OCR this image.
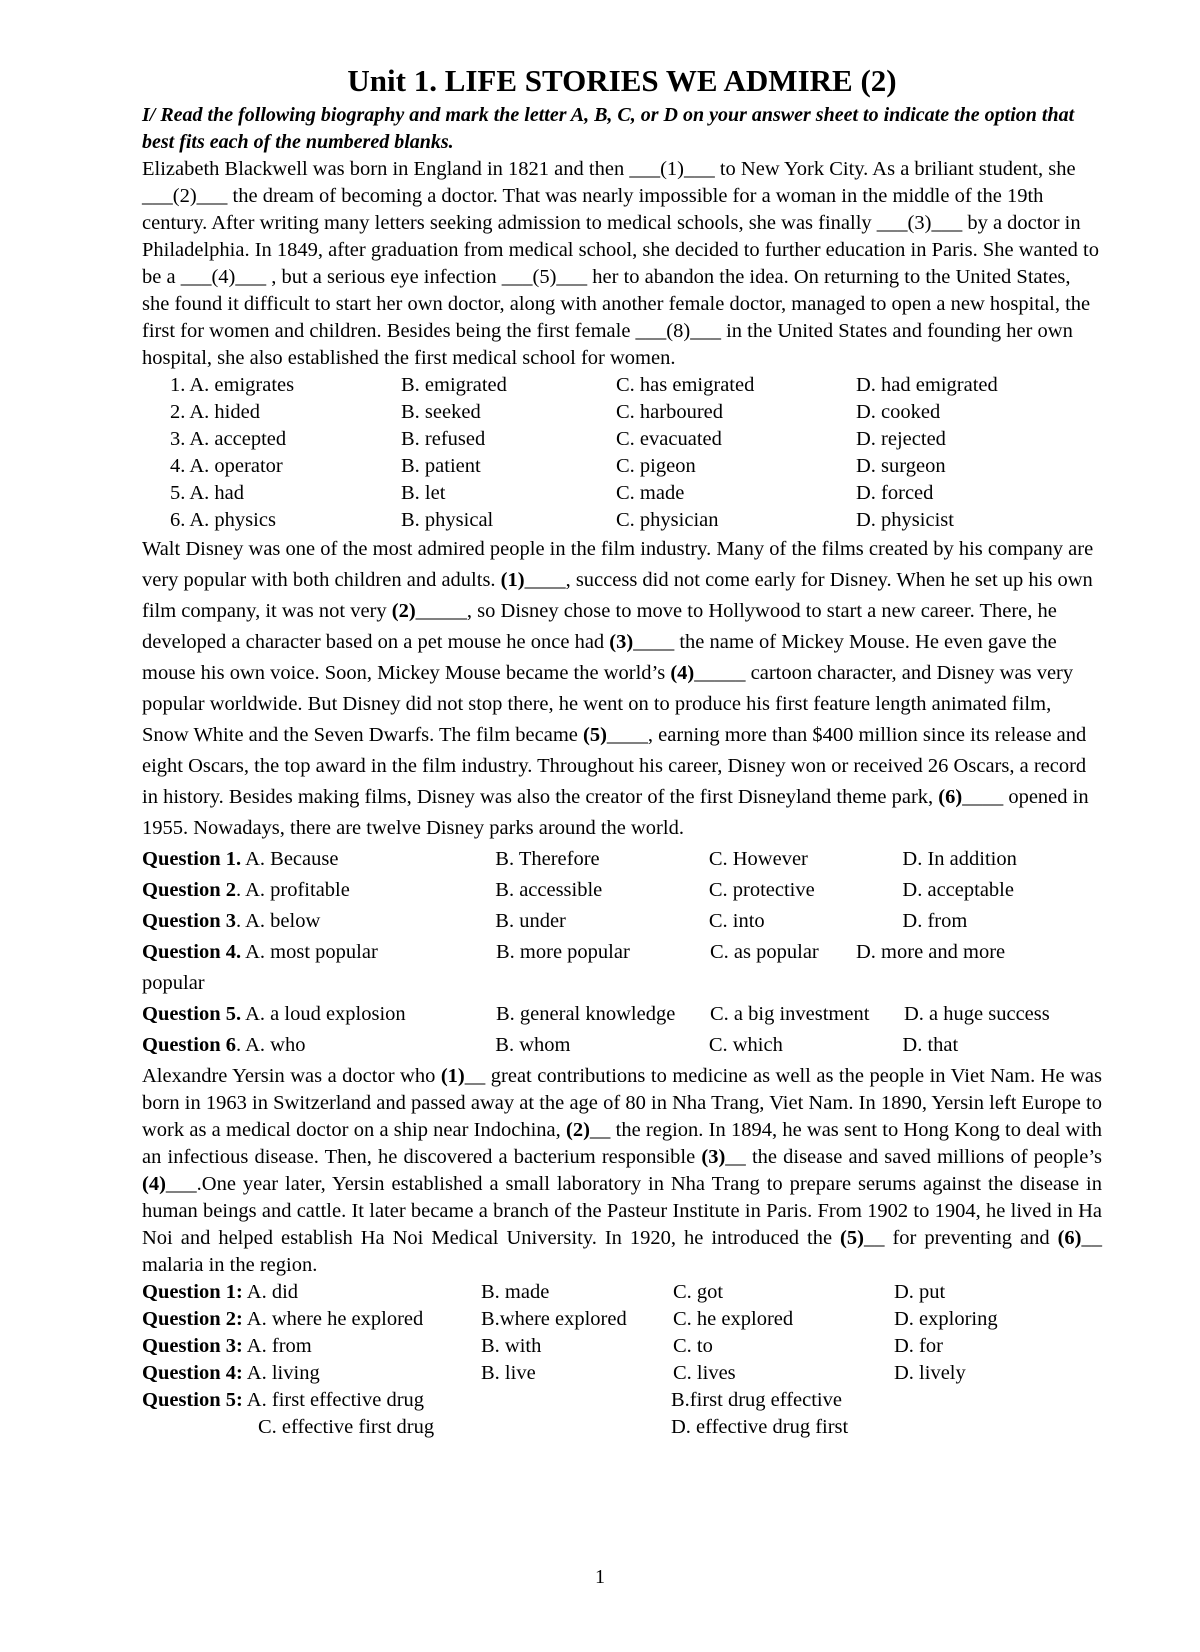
Unit 1. LIFE STORIES WE ADMIRE (2)

I/ Read the following biography and mark the letter A, B, C, or D on your answer sheet to indicate the option that best fits each of the numbered blanks.

Elizabeth Blackwell was born in England in 1821 and then ___(1)___ to New York City. As a briliant student, she ___(2)___ the dream of becoming a doctor. That was nearly impossible for a woman in the middle of the 19th century. After writing many letters seeking admission to medical schools, she was finally ___(3)___ by a doctor in Philadelphia. In 1849, after graduation from medical school, she decided to further education in Paris. She wanted to be a ___(4)___ , but a serious eye infection ___(5)___ her to abandon the idea. On returning to the United States, she found it difficult to start her own doctor, along with another female doctor, managed to open a new hospital, the first for women and children. Besides being the first female ___(8)___ in the United States and founding her own hospital, she also established the first medical school for women.

1. A. emigrates	B. emigrated	C. has emigrated	D. had emigrated
2. A. hided	B. seeked	C. harboured	D. cooked
3. A. accepted	B. refused	C. evacuated	D. rejected
4. A. operator	B. patient	C. pigeon	D. surgeon
5. A. had	B. let	C. made	D. forced
6. A. physics	B. physical	C. physician	D. physicist

Walt Disney was one of the most admired people in the film industry. Many of the films created by his company are very popular with both children and adults. (1)____, success did not come early for Disney. When he set up his own film company, it was not very (2)_____, so Disney chose to move to Hollywood to start a new career. There, he developed a character based on a pet mouse he once had (3)____ the name of Mickey Mouse. He even gave the mouse his own voice. Soon, Mickey Mouse became the world’s (4)_____ cartoon character, and Disney was very popular worldwide. But Disney did not stop there, he went on to produce his first feature length animated film, Snow White and the Seven Dwarfs. The film became (5)____, earning more than $400 million since its release and eight Oscars, the top award in the film industry. Throughout his career, Disney won or received 26 Oscars, a record in history. Besides making films, Disney was also the creator of the first Disneyland theme park, (6)____ opened in 1955. Nowadays, there are twelve Disney parks around the world.

Question 1. A. Because	B. Therefore	C. However	D. In addition
Question 2. A. profitable	B. accessible	C. protective	D. acceptable
Question 3. A. below	B. under	C. into	D. from
Question 4. A. most popular	B. more popular	C. as popular	D. more and more
popular
Question 5. A. a loud explosion	B. general knowledge	C. a big investment	D. a huge success
Question 6. A. who	B. whom	C. which	D. that

Alexandre Yersin was a doctor who (1)__ great contributions to medicine as well as the people in Viet Nam. He was born in 1963 in Switzerland and passed away at the age of 80 in Nha Trang, Viet Nam. In 1890, Yersin left Europe to work as a medical doctor on a ship near Indochina, (2)__ the region. In 1894, he was sent to Hong Kong to deal with an infectious disease. Then, he discovered a bacterium responsible (3)__ the disease and saved millions of people’s (4)___.One year later, Yersin established a small laboratory in Nha Trang to prepare serums against the disease in human beings and cattle. It later became a branch of the Pasteur Institute in Paris. From 1902 to 1904, he lived in Ha Noi and helped establish Ha Noi Medical University. In 1920, he introduced the (5)__ for preventing and (6)__ malaria in the region.

Question 1: A. did	B. made	C. got	D. put
Question 2: A. where he explored	B.where explored	C. he explored	D. exploring
Question 3: A. from	B. with	C. to	D. for
Question 4: A. living	B. live	C. lives	D. lively
Question 5: A. first effective drug	B.first drug effective
C. effective first drug	D. effective drug first
1
